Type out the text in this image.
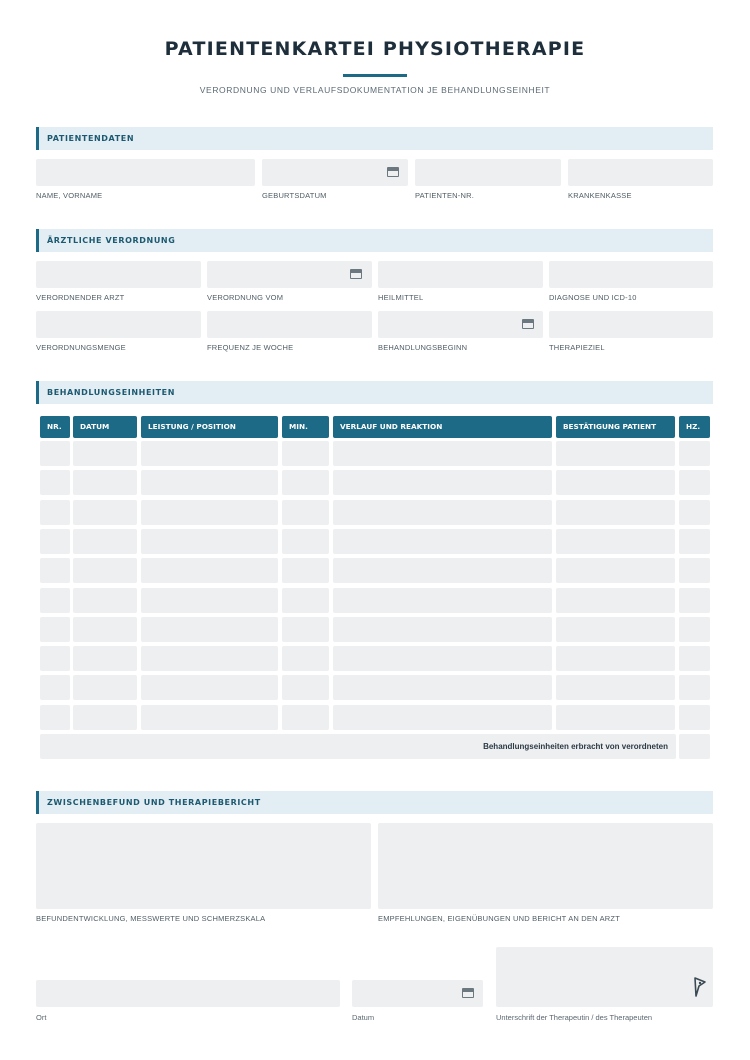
PATIENTENKARTEI PHYSIOTHERAPIE
VERORDNUNG UND VERLAUFSDOKUMENTATION JE BEHANDLUNGSEINHEIT
PATIENTENDATEN
NAME, VORNAME	GEBURTSDATUM	PATIENTEN-NR.	KRANKENKASSE
ÄRZTLICHE VERORDNUNG
VERORDNENDER ARZT	VERORDNUNG VOM	HEILMITTEL	DIAGNOSE UND ICD-10
VERORDNUNGSMENGE	FREQUENZ JE WOCHE	BEHANDLUNGSBEGINN	THERAPIEZIEL
BEHANDLUNGSEINHEITEN
NR.	DATUM	LEISTUNG / POSITION	MIN.	VERLAUF UND REAKTION	BESTÄTIGUNG PATIENT	HZ.
Behandlungseinheiten erbracht von verordneten
ZWISCHENBEFUND UND THERAPIEBERICHT
BEFUNDENTWICKLUNG, MESSWERTE UND SCHMERZSKALA	EMPFEHLUNGEN, EIGENÜBUNGEN UND BERICHT AN DEN ARZT
Ort	Datum	Unterschrift der Therapeutin / des Therapeuten
